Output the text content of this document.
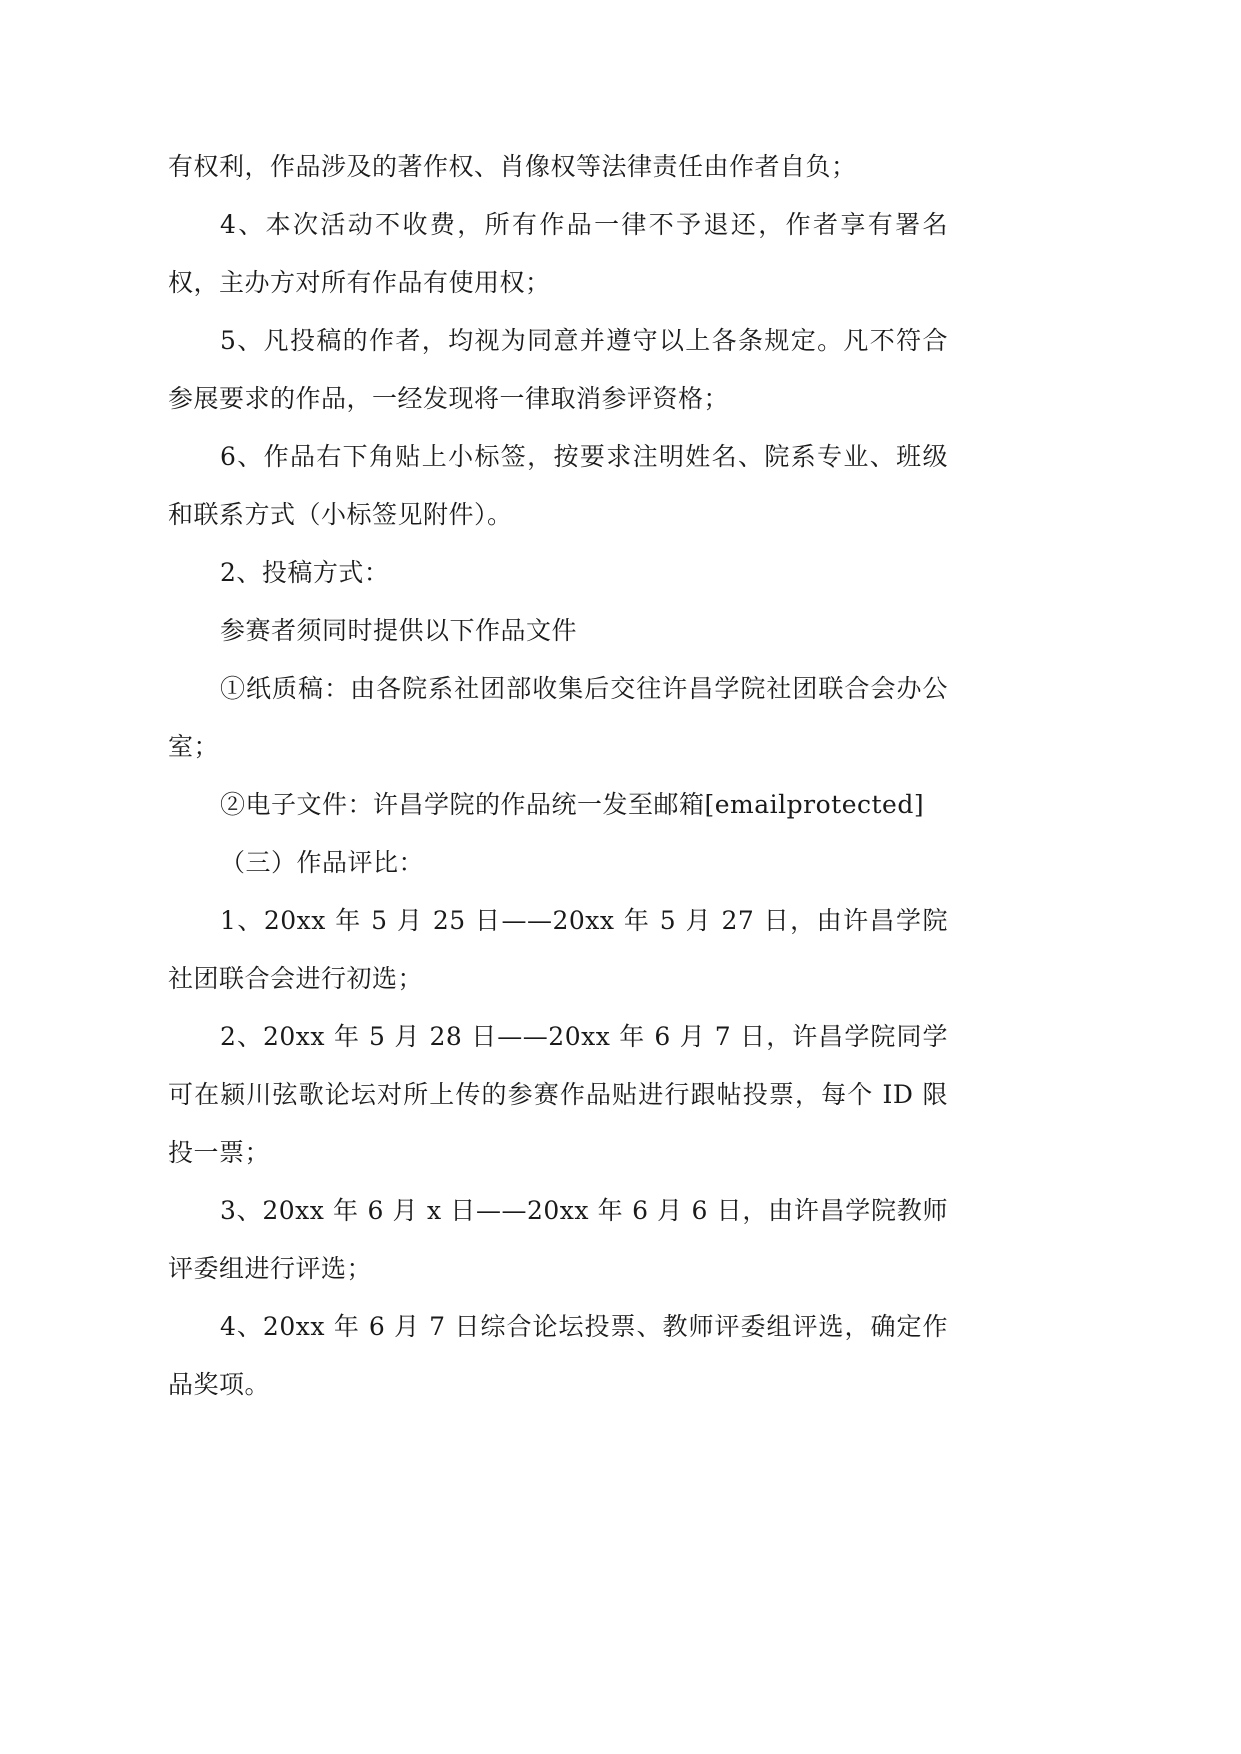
有权利，作品涉及的著作权、肖像权等法律责任由作者自负；

4、本次活动不收费，所有作品一律不予退还，作者享有署名权，主办方对所有作品有使用权；

5、凡投稿的作者，均视为同意并遵守以上各条规定。凡不符合参展要求的作品，一经发现将一律取消参评资格；

6、作品右下角贴上小标签，按要求注明姓名、院系专业、班级和联系方式（小标签见附件）。

2、投稿方式：

参赛者须同时提供以下作品文件

①纸质稿：由各院系社团部收集后交往许昌学院社团联合会办公室；

②电子文件：许昌学院的作品统一发至邮箱[emailprotected]

（三）作品评比：

1、20xx 年 5 月 25 日——20xx 年 5 月 27 日，由许昌学院社团联合会进行初选；

2、20xx 年 5 月 28 日——20xx 年 6 月 7 日，许昌学院同学可在颍川弦歌论坛对所上传的参赛作品贴进行跟帖投票，每个 ID 限投一票；

3、20xx 年 6 月 x 日——20xx 年 6 月 6 日，由许昌学院教师评委组进行评选；

4、20xx 年 6 月 7 日综合论坛投票、教师评委组评选，确定作品奖项。
